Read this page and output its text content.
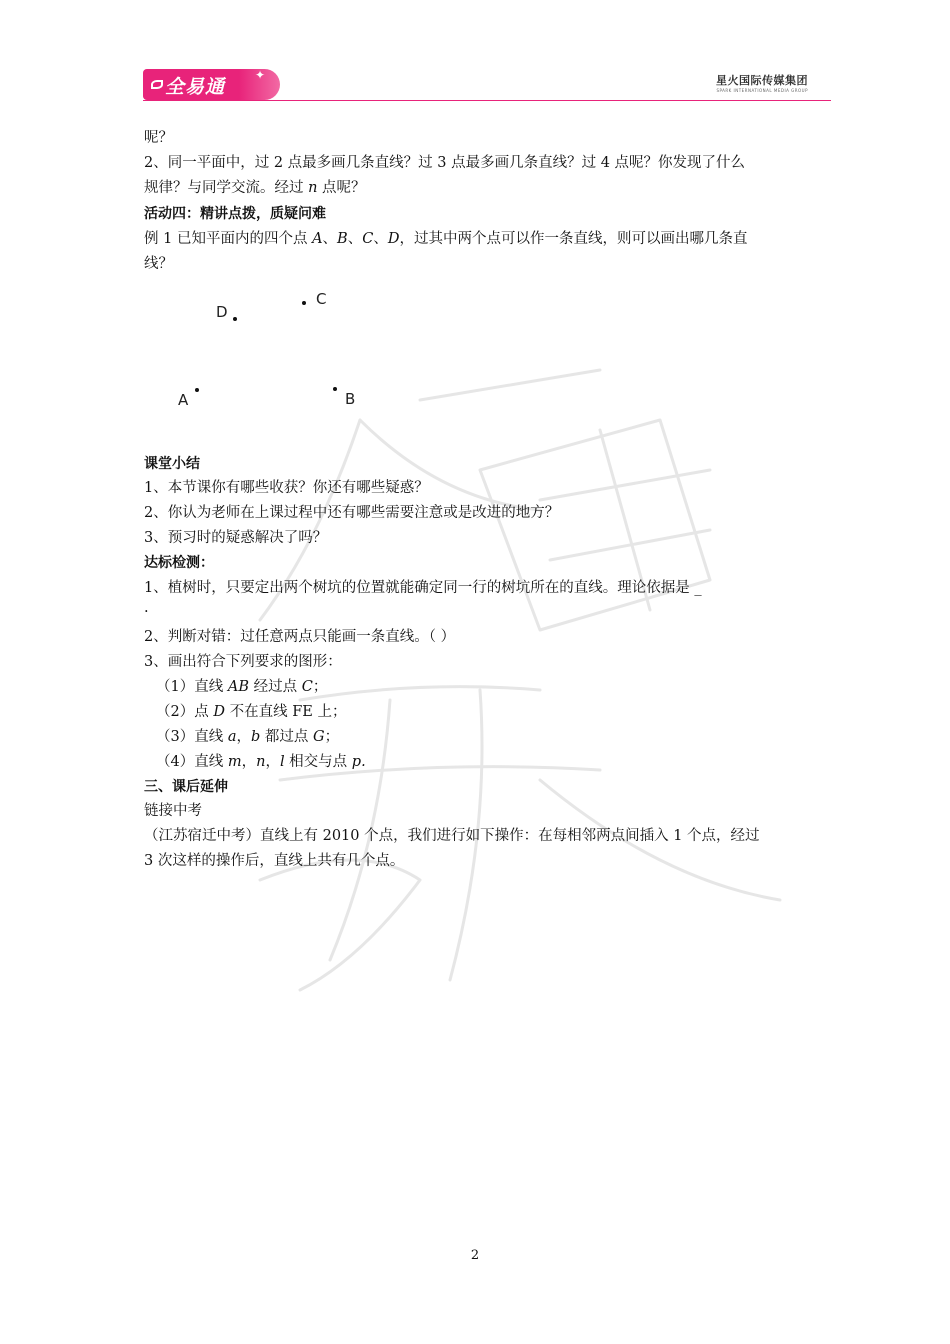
全易通
✦	星火国际传媒集团
SPARK INTERNATIONAL MEDIA GROUP
呢？
2、同一平面中，过 2 点最多画几条直线？过 3 点最多画几条直线？过 4 点呢？你发现了什么
规律？与同学交流。经过 n 点呢？
活动四：精讲点拨，质疑问难
例 1 已知平面内的四个点 A、B、C、D，过其中两个点可以作一条直线，则可以画出哪几条直
线？
课堂小结
1、本节课你有哪些收获？你还有哪些疑惑？
2、你认为老师在上课过程中还有哪些需要注意或是改进的地方？
3、预习时的疑惑解决了吗？
达标检测：
1、植树时，只要定出两个树坑的位置就能确定同一行的树坑所在的直线。理论依据是 _
.
2、判断对错：过任意两点只能画一条直线。（ ）
3、画出符合下列要求的图形：
（1）直线 AB 经过点 C；
（2）点 D 不在直线 FE 上；
（3）直线 a，b 都过点 G；
（4）直线 m，n，l 相交与点 p.
三、课后延伸
链接中考
（江苏宿迁中考）直线上有 2010 个点，我们进行如下操作：在每相邻两点间插入 1 个点，经过
3 次这样的操作后，直线上共有几个点。
D
C
A	B
2
